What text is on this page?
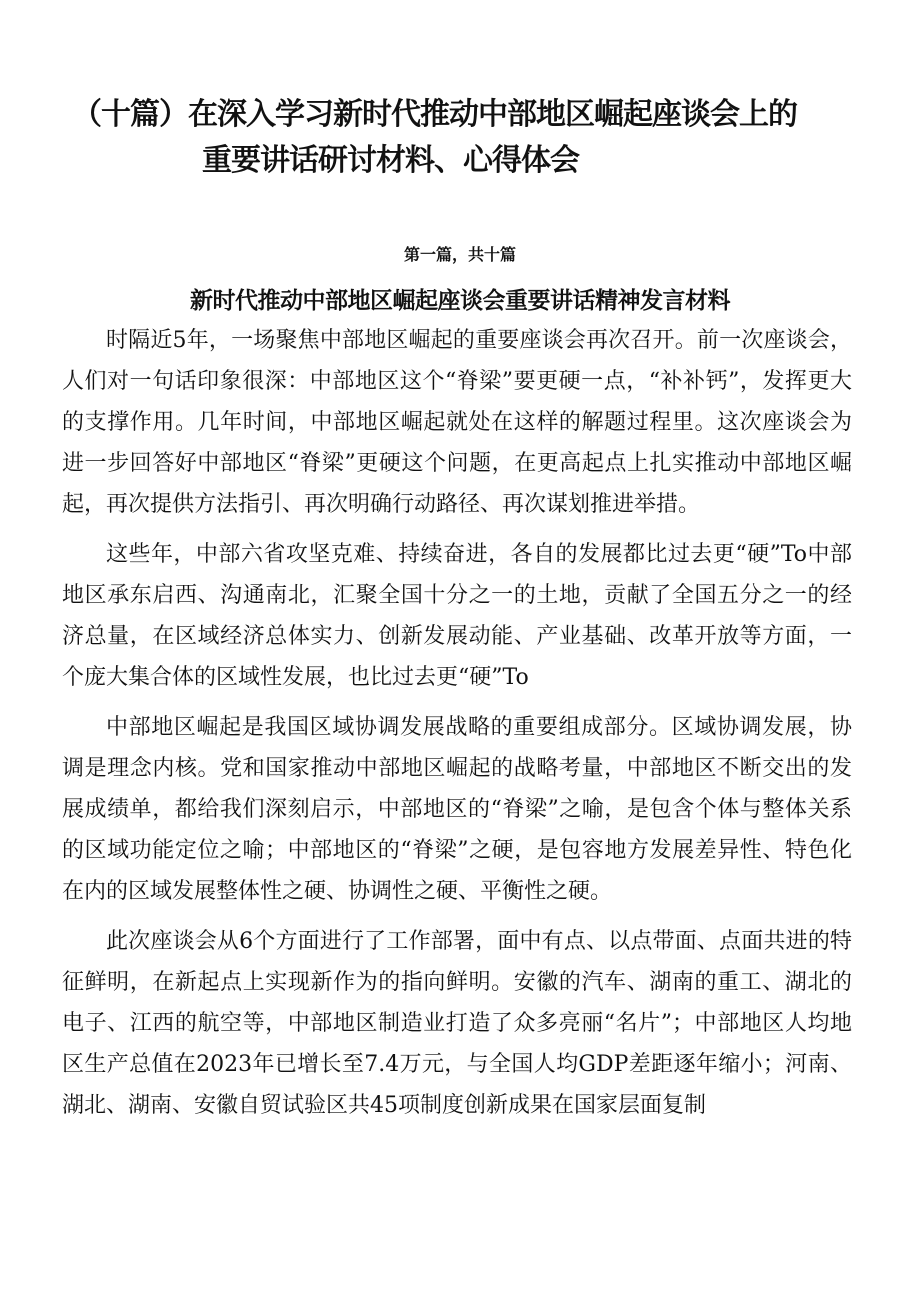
（十篇）在深入学习新时代推动中部地区崛起座谈会上的
重要讲话研讨材料、心得体会
第一篇，共十篇
新时代推动中部地区崛起座谈会重要讲话精神发言材料

时隔近5年，一场聚焦中部地区崛起的重要座谈会再次召开。前一次座谈会，人们对一句话印象很深：中部地区这个“脊梁”要更硬一点，“补补钙”，发挥更大的支撑作用。几年时间，中部地区崛起就处在这样的解题过程里。这次座谈会为进一步回答好中部地区“脊梁”更硬这个问题，在更高起点上扎实推动中部地区崛起，再次提供方法指引、再次明确行动路径、再次谋划推进举措。

这些年，中部六省攻坚克难、持续奋进，各自的发展都比过去更“硬”To中部地区承东启西、沟通南北，汇聚全国十分之一的土地，贡献了全国五分之一的经济总量，在区域经济总体实力、创新发展动能、产业基础、改革开放等方面，一个庞大集合体的区域性发展，也比过去更“硬”To

中部地区崛起是我国区域协调发展战略的重要组成部分。区域协调发展，协调是理念内核。党和国家推动中部地区崛起的战略考量，中部地区不断交出的发展成绩单，都给我们深刻启示，中部地区的“脊梁”之喻，是包含个体与整体关系的区域功能定位之喻；中部地区的“脊梁”之硬，是包容地方发展差异性、特色化在内的区域发展整体性之硬、协调性之硬、平衡性之硬。

此次座谈会从6个方面进行了工作部署，面中有点、以点带面、点面共进的特征鲜明，在新起点上实现新作为的指向鲜明。安徽的汽车、湖南的重工、湖北的电子、江西的航空等，中部地区制造业打造了众多亮丽“名片”；中部地区人均地区生产总值在2023年已增长至7.4万元，与全国人均GDP差距逐年缩小；河南、湖北、湖南、安徽自贸试验区共45项制度创新成果在国家层面复制
